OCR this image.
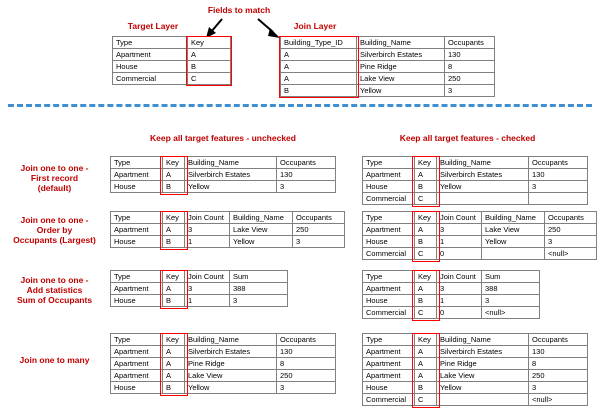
Target Layer
Fields to match
Join Layer
Type	Key
Apartment	A
House	B
Commercial	C
Building_Type_ID	Building_Name	Occupants
A	Silverbirch Estates	130
A	Pine Ridge	8
A	Lake View	250
B	Yellow	3
Keep all target features - unchecked	Keep all target features - checked
Join one to one -
First record
(default)
Type	Key	Building_Name	Occupants
Apartment	A	Silverbirch Estates	130
House	B	Yellow	3
Type	Key	Building_Name	Occupants
Apartment	A	Silverbirch Estates	130
House	B	Yellow	3
Commercial	C		
Join one to one -
Order by
Occupants (Largest)
Type	Key	Join Count	Building_Name	Occupants
Apartment	A	3	Lake View	250
House	B	1	Yellow	3
Type	Key	Join Count	Building_Name	Occupants
Apartment	A	3	Lake View	250
House	B	1	Yellow	3
Commercial	C	0		<null>
Join one to one -
Add statistics
Sum of Occupants
Type	Key	Join Count	Sum
Apartment	A	3	388
House	B	1	3
Type	Key	Join Count	Sum
Apartment	A	3	388
House	B	1	3
Commercial	C	0	<null>
Join one to many
Type	Key	Building_Name	Occupants
Apartment	A	Silverbirch Estates	130
Apartment	A	Pine Ridge	8
Apartment	A	Lake View	250
House	B	Yellow	3
Type	Key	Building_Name	Occupants
Apartment	A	Silverbirch Estates	130
Apartment	A	Pine Ridge	8
Apartment	A	Lake View	250
House	B	Yellow	3
Commercial	C		<null>
